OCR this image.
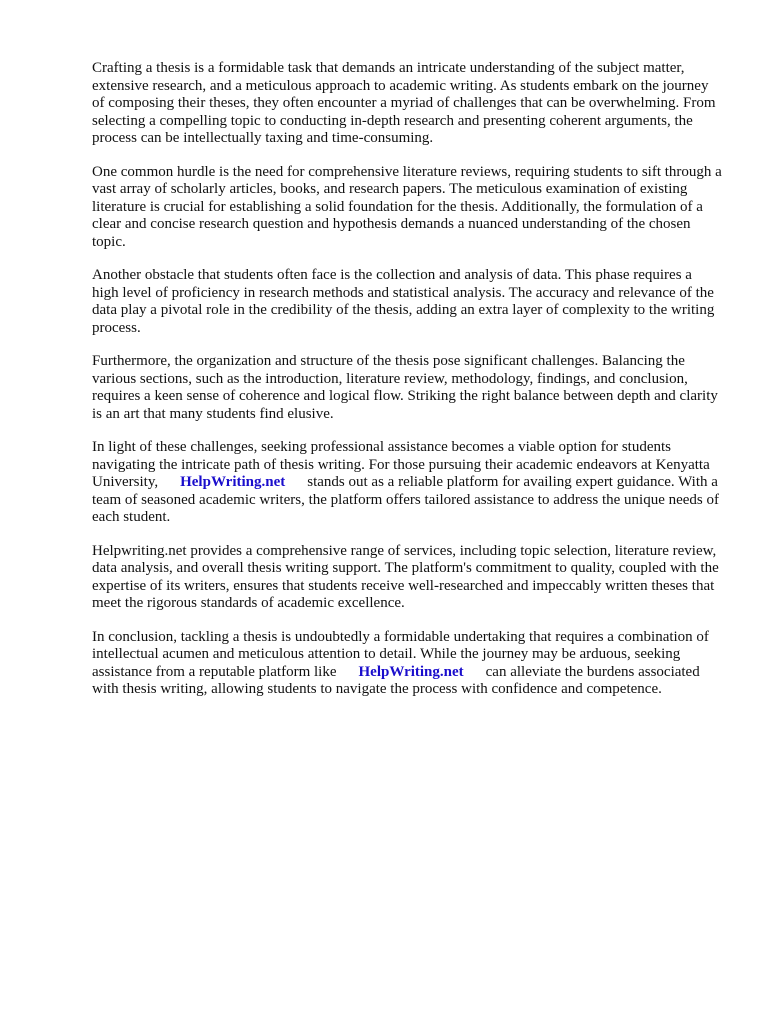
Crafting a thesis is a formidable task that demands an intricate understanding of the subject matter, extensive research, and a meticulous approach to academic writing. As students embark on the journey of composing their theses, they often encounter a myriad of challenges that can be overwhelming. From selecting a compelling topic to conducting in-depth research and presenting coherent arguments, the process can be intellectually taxing and time-consuming.

One common hurdle is the need for comprehensive literature reviews, requiring students to sift through a vast array of scholarly articles, books, and research papers. The meticulous examination of existing literature is crucial for establishing a solid foundation for the thesis. Additionally, the formulation of a clear and concise research question and hypothesis demands a nuanced understanding of the chosen topic.

Another obstacle that students often face is the collection and analysis of data. This phase requires a high level of proficiency in research methods and statistical analysis. The accuracy and relevance of the data play a pivotal role in the credibility of the thesis, adding an extra layer of complexity to the writing process.

Furthermore, the organization and structure of the thesis pose significant challenges. Balancing the various sections, such as the introduction, literature review, methodology, findings, and conclusion, requires a keen sense of coherence and logical flow. Striking the right balance between depth and clarity is an art that many students find elusive.

In light of these challenges, seeking professional assistance becomes a viable option for students navigating the intricate path of thesis writing. For those pursuing their academic endeavors at Kenyatta University, HelpWriting.net stands out as a reliable platform for availing expert guidance. With a team of seasoned academic writers, the platform offers tailored assistance to address the unique needs of each student.

Helpwriting.net provides a comprehensive range of services, including topic selection, literature review, data analysis, and overall thesis writing support. The platform's commitment to quality, coupled with the expertise of its writers, ensures that students receive well-researched and impeccably written theses that meet the rigorous standards of academic excellence.

In conclusion, tackling a thesis is undoubtedly a formidable undertaking that requires a combination of intellectual acumen and meticulous attention to detail. While the journey may be arduous, seeking assistance from a reputable platform like HelpWriting.net can alleviate the burdens associated with thesis writing, allowing students to navigate the process with confidence and competence.
